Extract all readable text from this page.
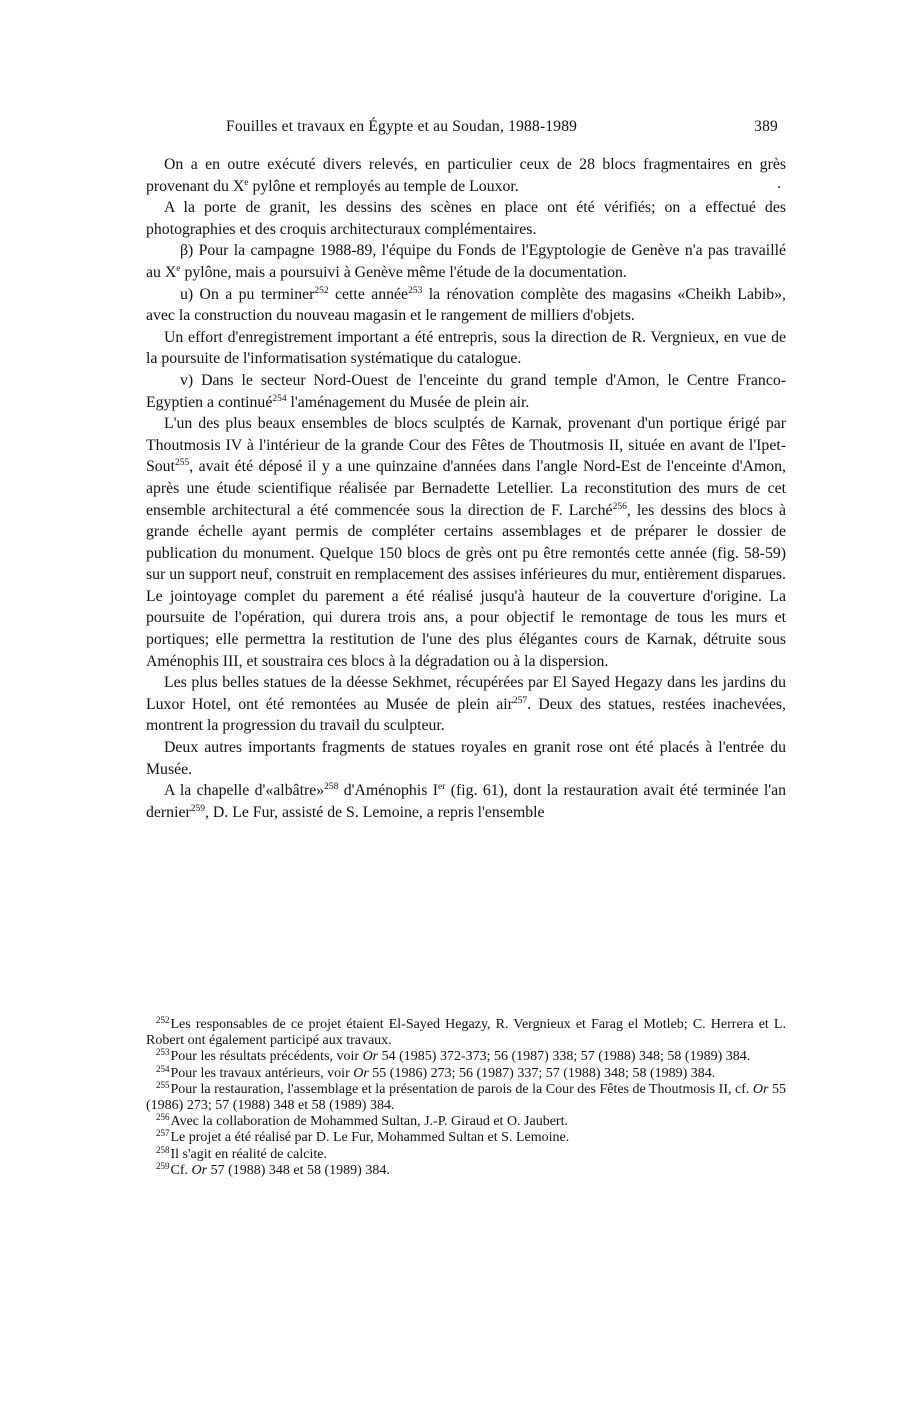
Fouilles et travaux en Égypte et au Soudan, 1988-1989	389

On a en outre exécuté divers relevés, en particulier ceux de 28 blocs fragmentaires en grès provenant du Xe pylône et remployés au temple de Louxor.

A la porte de granit, les dessins des scènes en place ont été vérifiés; on a effectué des photographies et des croquis architecturaux complémentaires.

β) Pour la campagne 1988-89, l'équipe du Fonds de l'Egyptologie de Genève n'a pas travaillé au Xe pylône, mais a poursuivi à Genève même l'étude de la documentation.

u) On a pu terminer$^{252}$ cette année$^{253}$ la rénovation complète des magasins «Cheikh Labib», avec la construction du nouveau magasin et le rangement de milliers d'objets.

Un effort d'enregistrement important a été entrepris, sous la direction de R. Vergnieux, en vue de la poursuite de l'informatisation systématique du catalogue.

v) Dans le secteur Nord-Ouest de l'enceinte du grand temple d'Amon, le Centre Franco-Egyptien a continué$^{254}$ l'aménagement du Musée de plein air.

L'un des plus beaux ensembles de blocs sculptés de Karnak, provenant d'un portique érigé par Thoutmosis IV à l'intérieur de la grande Cour des Fêtes de Thoutmosis II, située en avant de l'Ipet-Sout$^{255}$, avait été déposé il y a une quinzaine d'années dans l'angle Nord-Est de l'enceinte d'Amon, après une étude scientifique réalisée par Bernadette Letellier. La reconstitution des murs de cet ensemble architectural a été commencée sous la direction de F. Larché$^{256}$, les dessins des blocs à grande échelle ayant permis de compléter certains assemblages et de préparer le dossier de publication du monument. Quelque 150 blocs de grès ont pu être remontés cette année (fig. 58-59) sur un support neuf, construit en remplacement des assises inférieures du mur, entièrement disparues. Le jointoyage complet du parement a été réalisé jusqu'à hauteur de la couverture d'origine. La poursuite de l'opération, qui durera trois ans, a pour objectif le remontage de tous les murs et portiques; elle permettra la restitution de l'une des plus élégantes cours de Karnak, détruite sous Aménophis III, et soustraira ces blocs à la dégradation ou à la dispersion.

Les plus belles statues de la déesse Sekhmet, récupérées par El Sayed Hegazy dans les jardins du Luxor Hotel, ont été remontées au Musée de plein air$^{257}$. Deux des statues, restées inachevées, montrent la progression du travail du sculpteur.

Deux autres importants fragments de statues royales en granit rose ont été placés à l'entrée du Musée.

A la chapelle d'«albâtre»$^{258}$ d'Aménophis Ier (fig. 61), dont la restauration avait été terminée l'an dernier$^{259}$, D. Le Fur, assisté de S. Lemoine, a repris l'ensemble

$^{252}$Les responsables de ce projet étaient El-Sayed Hegazy, R. Vergnieux et Farag el Motleb; C. Herrera et L. Robert ont également participé aux travaux.

$^{253}$Pour les résultats précédents, voir Or 54 (1985) 372-373; 56 (1987) 338; 57 (1988) 348; 58 (1989) 384.

$^{254}$Pour les travaux antérieurs, voir Or 55 (1986) 273; 56 (1987) 337; 57 (1988) 348; 58 (1989) 384.

$^{255}$Pour la restauration, l'assemblage et la présentation de parois de la Cour des Fêtes de Thoutmosis II, cf. Or 55 (1986) 273; 57 (1988) 348 et 58 (1989) 384.

$^{256}$Avec la collaboration de Mohammed Sultan, J.-P. Giraud et O. Jaubert.

$^{257}$Le projet a été réalisé par D. Le Fur, Mohammed Sultan et S. Lemoine.

$^{258}$Il s'agit en réalité de calcite.

$^{259}$Cf. Or 57 (1988) 348 et 58 (1989) 384.
